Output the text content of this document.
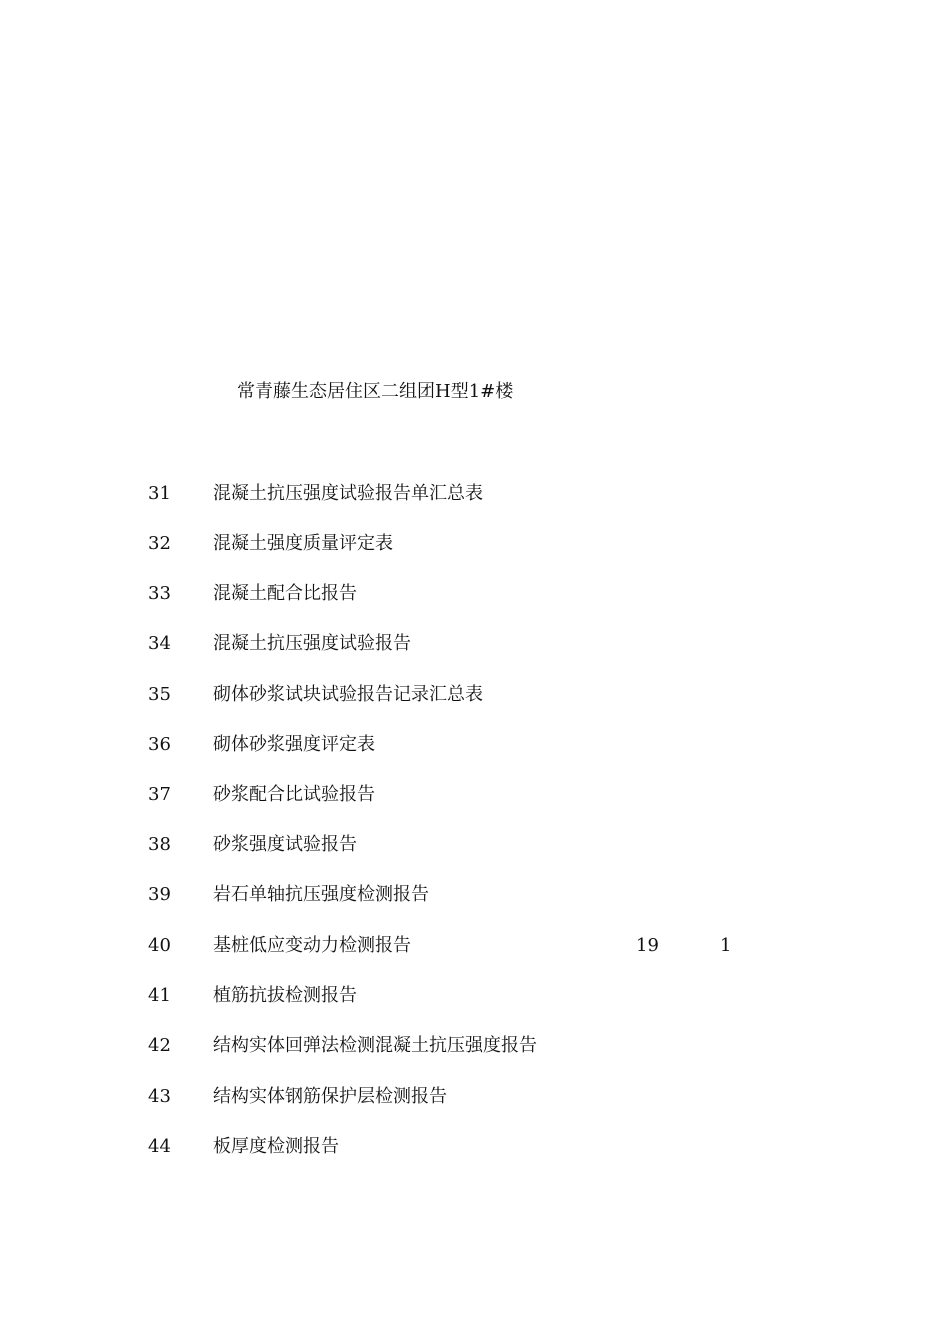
常青藤生态居住区二组团H型1#楼
31 混凝土抗压强度试验报告单汇总表
32 混凝土强度质量评定表
33 混凝土配合比报告
34 混凝土抗压强度试验报告
35 砌体砂浆试块试验报告记录汇总表
36 砌体砂浆强度评定表
37 砂浆配合比试验报告
38 砂浆强度试验报告
39 岩石单轴抗压强度检测报告
40 基桩低应变动力检测报告	19	1
41 植筋抗拔检测报告
42 结构实体回弹法检测混凝土抗压强度报告
43 结构实体钢筋保护层检测报告
44 板厚度检测报告
